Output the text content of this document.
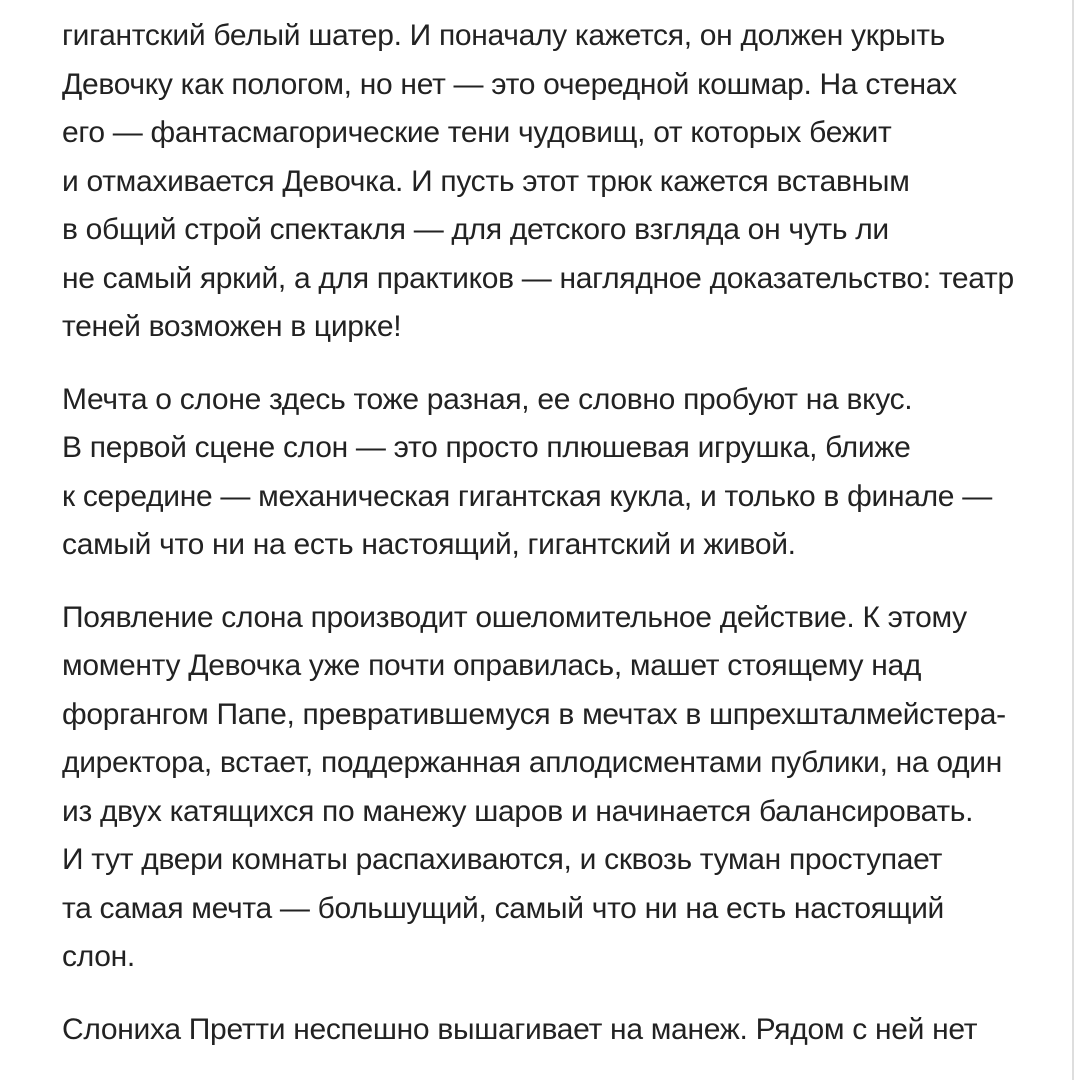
гигантский белый шатер. И поначалу кажется, он должен укрыть
Девочку как пологом, но нет — это очередной кошмар. На стенах
его — фантасмагорические тени чудовищ, от которых бежит
и отмахивается Девочка. И пусть этот трюк кажется вставным
в общий строй спектакля — для детского взгляда он чуть ли
не самый яркий, а для практиков — наглядное доказательство: театр
теней возможен в цирке!

Мечта о слоне здесь тоже разная, ее словно пробуют на вкус.
В первой сцене слон — это просто плюшевая игрушка, ближе
к середине — механическая гигантская кукла, и только в финале —
самый что ни на есть настоящий, гигантский и живой.

Появление слона производит ошеломительное действие. К этому
моменту Девочка уже почти оправилась, машет стоящему над
форгангом Папе, превратившемуся в мечтах в шпрехшталмейстера-
директора, встает, поддержанная аплодисментами публики, на один
из двух катящихся по манежу шаров и начинается балансировать.
И тут двери комнаты распахиваются, и сквозь туман проступает
та самая мечта — большущий, самый что ни на есть настоящий
слон.

Слониха Претти неспешно вышагивает на манеж. Рядом с ней нет
